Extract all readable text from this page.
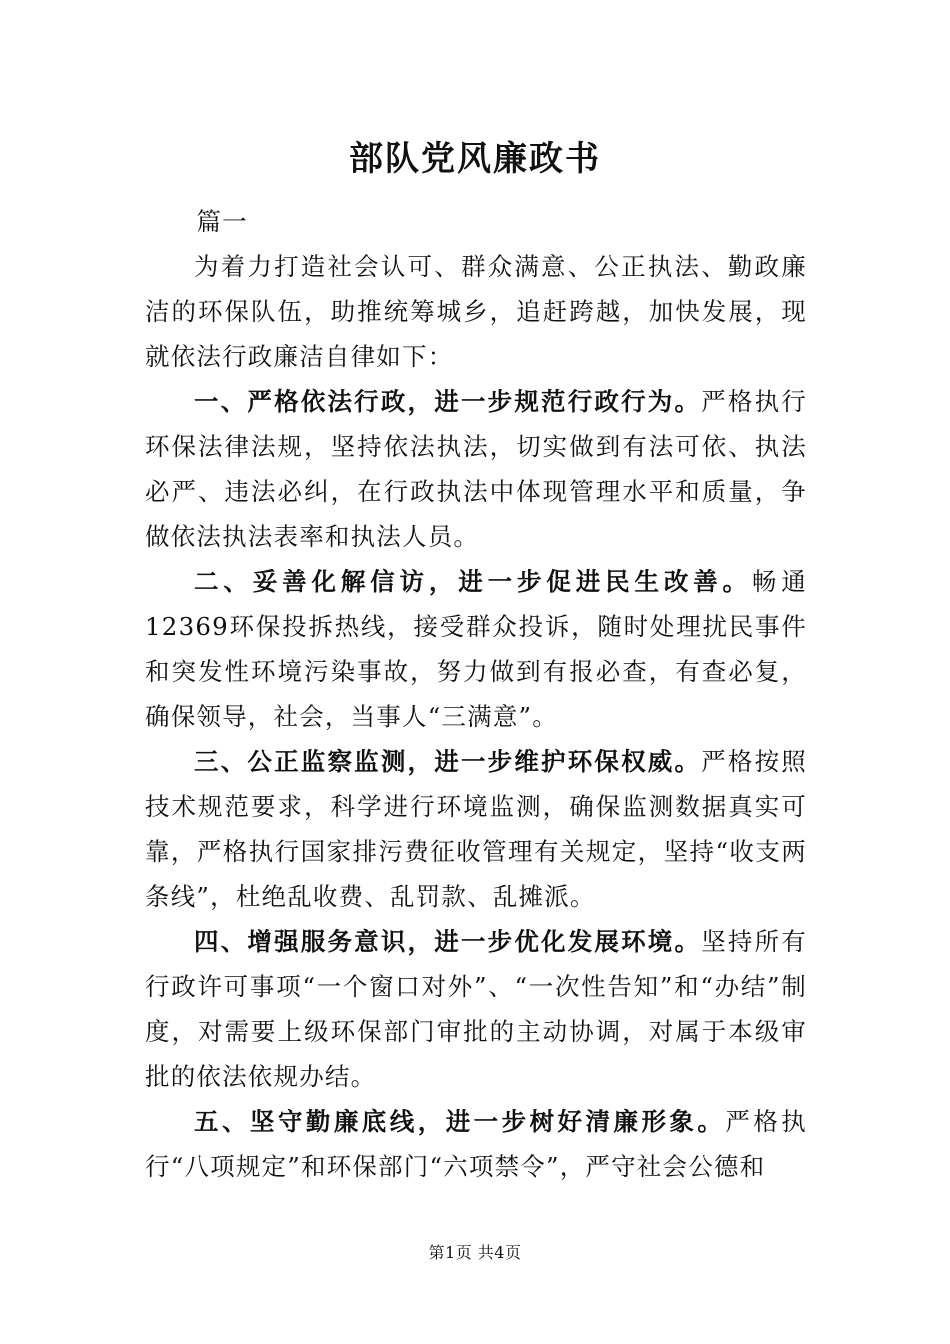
部队党风廉政书

篇一

为着力打造社会认可、群众满意、公正执法、勤政廉洁的环保队伍，助推统筹城乡，追赶跨越，加快发展，现就依法行政廉洁自律如下：

一、严格依法行政，进一步规范行政行为。严格执行环保法律法规，坚持依法执法，切实做到有法可依、执法必严、违法必纠，在行政执法中体现管理水平和质量，争做依法执法表率和执法人员。

二、妥善化解信访，进一步促进民生改善。畅通12369环保投拆热线，接受群众投诉，随时处理扰民事件和突发性环境污染事故，努力做到有报必查，有查必复，确保领导，社会，当事人“三满意”。

三、公正监察监测，进一步维护环保权威。严格按照技术规范要求，科学进行环境监测，确保监测数据真实可靠，严格执行国家排污费征收管理有关规定，坚持“收支两条线”，杜绝乱收费、乱罚款、乱摊派。

四、增强服务意识，进一步优化发展环境。坚持所有行政许可事项“一个窗口对外”、“一次性告知”和“办结”制度，对需要上级环保部门审批的主动协调，对属于本级审批的依法依规办结。

五、坚守勤廉底线，进一步树好清廉形象。严格执行“八项规定”和环保部门“六项禁令”，严守社会公德和

第1页 共4页
